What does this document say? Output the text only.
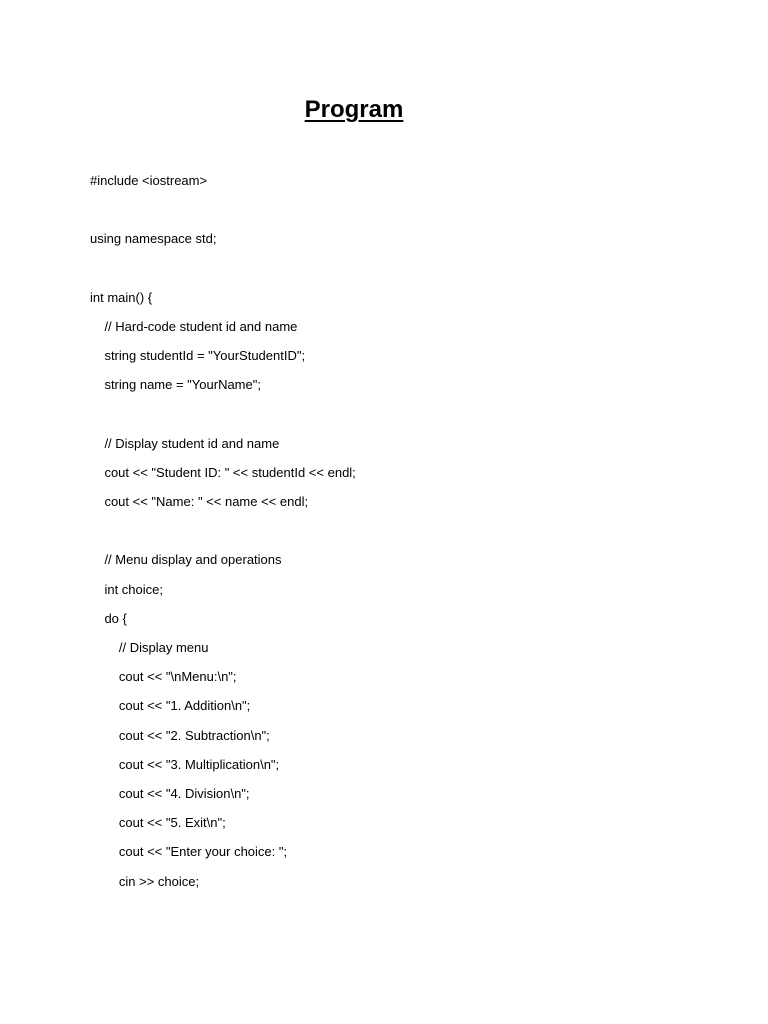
Program
#include <iostream>
using namespace std;
int main() {
// Hard-code student id and name
string studentId = "YourStudentID";
string name = "YourName";
// Display student id and name
cout << "Student ID: " << studentId << endl;
cout << "Name: " << name << endl;
// Menu display and operations
int choice;
do {
// Display menu
cout << "\nMenu:\n";
cout << "1. Addition\n";
cout << "2. Subtraction\n";
cout << "3. Multiplication\n";
cout << "4. Division\n";
cout << "5. Exit\n";
cout << "Enter your choice: ";
cin >> choice;
